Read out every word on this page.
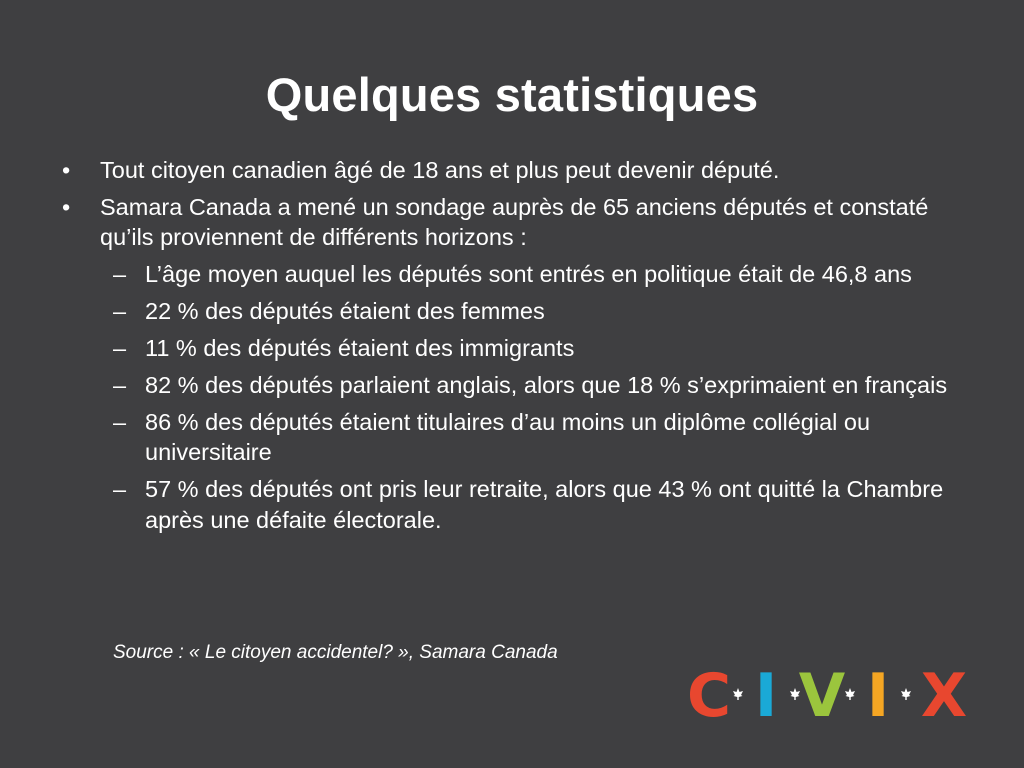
Quelques statistiques
• Tout citoyen canadien âgé de 18 ans et plus peut devenir député.
• Samara Canada a mené un sondage auprès de 65 anciens députés et constaté qu’ils proviennent de différents horizons :
– L’âge moyen auquel les députés sont entrés en politique était de 46,8 ans
– 22 % des députés étaient des femmes
– 11 % des députés étaient des immigrants
– 82 % des députés parlaient anglais, alors que 18 % s’exprimaient en français
– 86 % des députés étaient titulaires d’au moins un diplôme collégial ou universitaire
– 57 % des députés ont pris leur retraite, alors que 43 % ont quitté la Chambre après une défaite électorale.
Source : « Le citoyen accidentel? », Samara Canada
C I V I X
